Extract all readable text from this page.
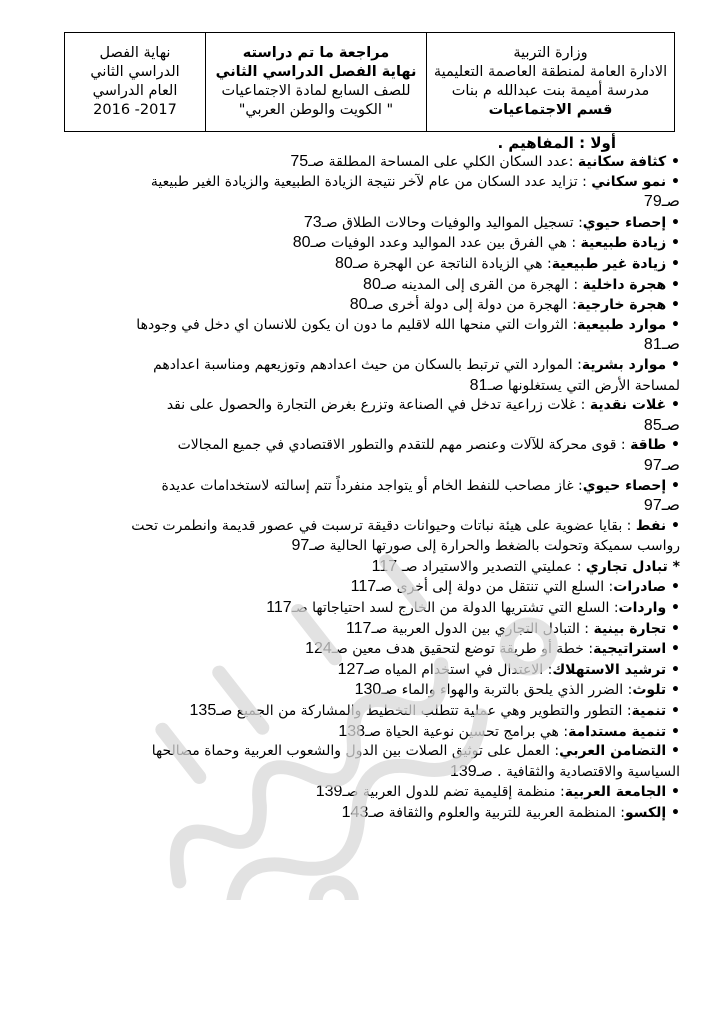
نهاية الفصل
الدراسي الثاني
العام الدراسي
2016 -2017
مراجعة ما تم دراسته
نهاية الفصل الدراسي الثاني
للصف السابع لمادة الاجتماعيات
" الكويت والوطن العربي"
وزارة التربية
الادارة العامة لمنطقة العاصمة التعليمية
مدرسة أميمة بنت عبدالله م بنات
قسم الاجتماعيات
أولا : المفاهيم .
• كثافة سكانية :عدد السكان الكلي على المساحة المطلقة صـ75
• نمو سكاني : تزايد عدد السكان من عام لآخر نتيجة الزيادة الطبيعية والزيادة الغير طبيعية
صـ79
• إحصاء حيوي: تسجيل المواليد والوفيات وحالات الطلاق صـ73
• زيادة طبيعية : هي الفرق بين عدد المواليد وعدد الوفيات صـ80
• زيادة غير طبيعية: هي الزيادة الناتجة عن الهجرة صـ80
• هجرة داخلية : الهجرة من القرى إلى المدينه صـ80
• هجرة خارجية: الهجرة من دولة إلى دولة أخرى صـ80
• موارد طبيعية: الثروات التي منحها الله لاقليم ما دون ان يكون للانسان اي دخل في وجودها
صـ81
• موارد بشرية: الموارد التي ترتبط بالسكان من حيث اعدادهم وتوزيعهم ومناسبة اعدادهم
لمساحة الأرض التي يستغلونها صـ81
• غلات نقدية : غلات زراعية تدخل في الصناعة وتزرع بغرض التجارة والحصول على نقد
صـ85
• طاقة : قوى محركة للآلات وعنصر مهم للتقدم والتطور الاقتصادي في جميع المجالات
صـ97
• إحصاء حيوي: غاز مصاحب للنفط الخام أو يتواجد منفرداً تتم إسالته لاستخدامات عديدة
صـ97
• نفط : بقايا عضوية على هيئة نباتات وحيوانات دقيقة ترسبت في عصور قديمة وانطمرت تحت
رواسب سميكة وتحولت بالضغط والحرارة إلى صورتها الحالية صـ97
* تبادل تجاري : عمليتي التصدير والاستيراد صـ 117
• صادرات: السلع التي تنتقل من دولة إلى أخرى صـ117
• واردات: السلع التي تشتريها الدولة من الخارج لسد احتياجاتها صـ117
• تجارة بينية : التبادل التجاري بين الدول العربية صـ117
• استراتيجية: خطة أو طريقة توضع لتحقيق هدف معين صـ124
• ترشيد الاستهلاك: الاعتدال في استخدام المياه صـ127
• تلوث: الضرر الذي يلحق بالتربة والهواء والماء صـ130
• تنمية: التطور والتطوير وهي عملية تتطلب التخطيط والمشاركة من الجميع صـ135
• تنمية مستدامة: هي برامج تحسين نوعية الحياة صـ138
• التضامن العربي: العمل على توثيق الصلات بين الدول والشعوب العربية وحماة مصالحها
السياسية والاقتصادية والثقافية . صـ139
• الجامعة العربية: منظمة إقليمية تضم للدول العربية صـ139
• إلكسو: المنظمة العربية للتربية والعلوم والثقافة صـ143
